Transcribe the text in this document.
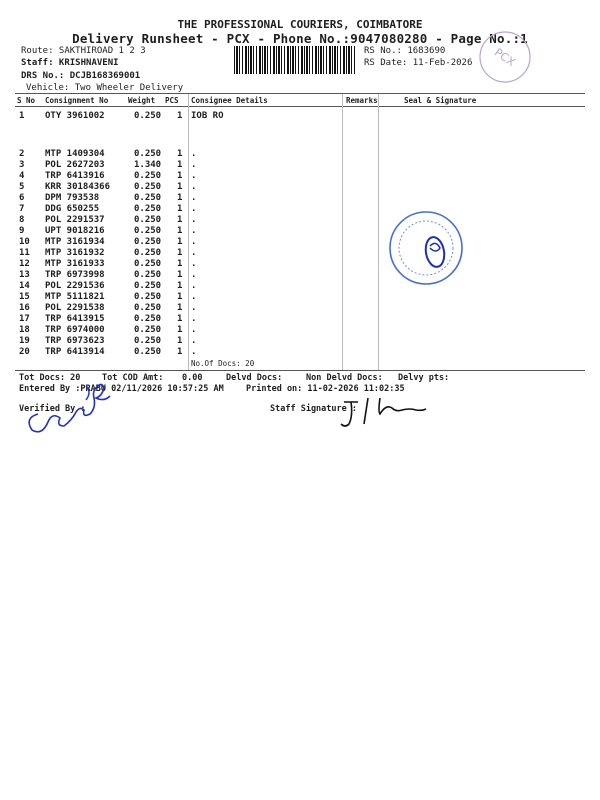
THE PROFESSIONAL COURIERS, COIMBATORE
Delivery Runsheet - PCX - Phone No.:9047080280 - Page No.:1
PCX
Route: SAKTHIROAD 1 2 3
Staff: KRISHNAVENI
DRS No.: DCJB168369001
Vehicle: Two Wheeler Delivery
RS No.: 1683690
RS Date: 11-Feb-2026
S No Consignment No	Weight PCS Consignee Details	Remarks	Seal & Signature
1 OTY 3961002	0.250 1 IOB RO
2 MTP 1409304	0.250 1 .
3 POL 2627203	1.340 1 .
4 TRP 6413916	0.250 1 .
5 KRR 30184366	0.250 1 .
6 DPM 793538	0.250 1 .
7 DDG 650255	0.250 1 .
8 POL 2291537	0.250 1 .
9 UPT 9018216	0.250 1 .
10 MTP 3161934	0.250 1 .
11 MTP 3161932	0.250 1 .
12 MTP 3161933	0.250 1 .
13 TRP 6973998	0.250 1 .
14 POL 2291536	0.250 1 .
15 MTP 5111821	0.250 1 .
16 POL 2291538	0.250 1 .
17 TRP 6413915	0.250 1 .
18 TRP 6974000	0.250 1 .
19 TRP 6973623	0.250 1 .
20 TRP 6413914	0.250 1 .
No.Of Docs: 20
Tot Docs: 20	Tot COD Amt: 0.00	Delvd Docs:	Non Delvd Docs: Delvy pts:
Entered By :PRABU 02/11/2026 10:57:25 AM	Printed on: 11-02-2026 11:02:35
Verified By :	Staff Signature :
